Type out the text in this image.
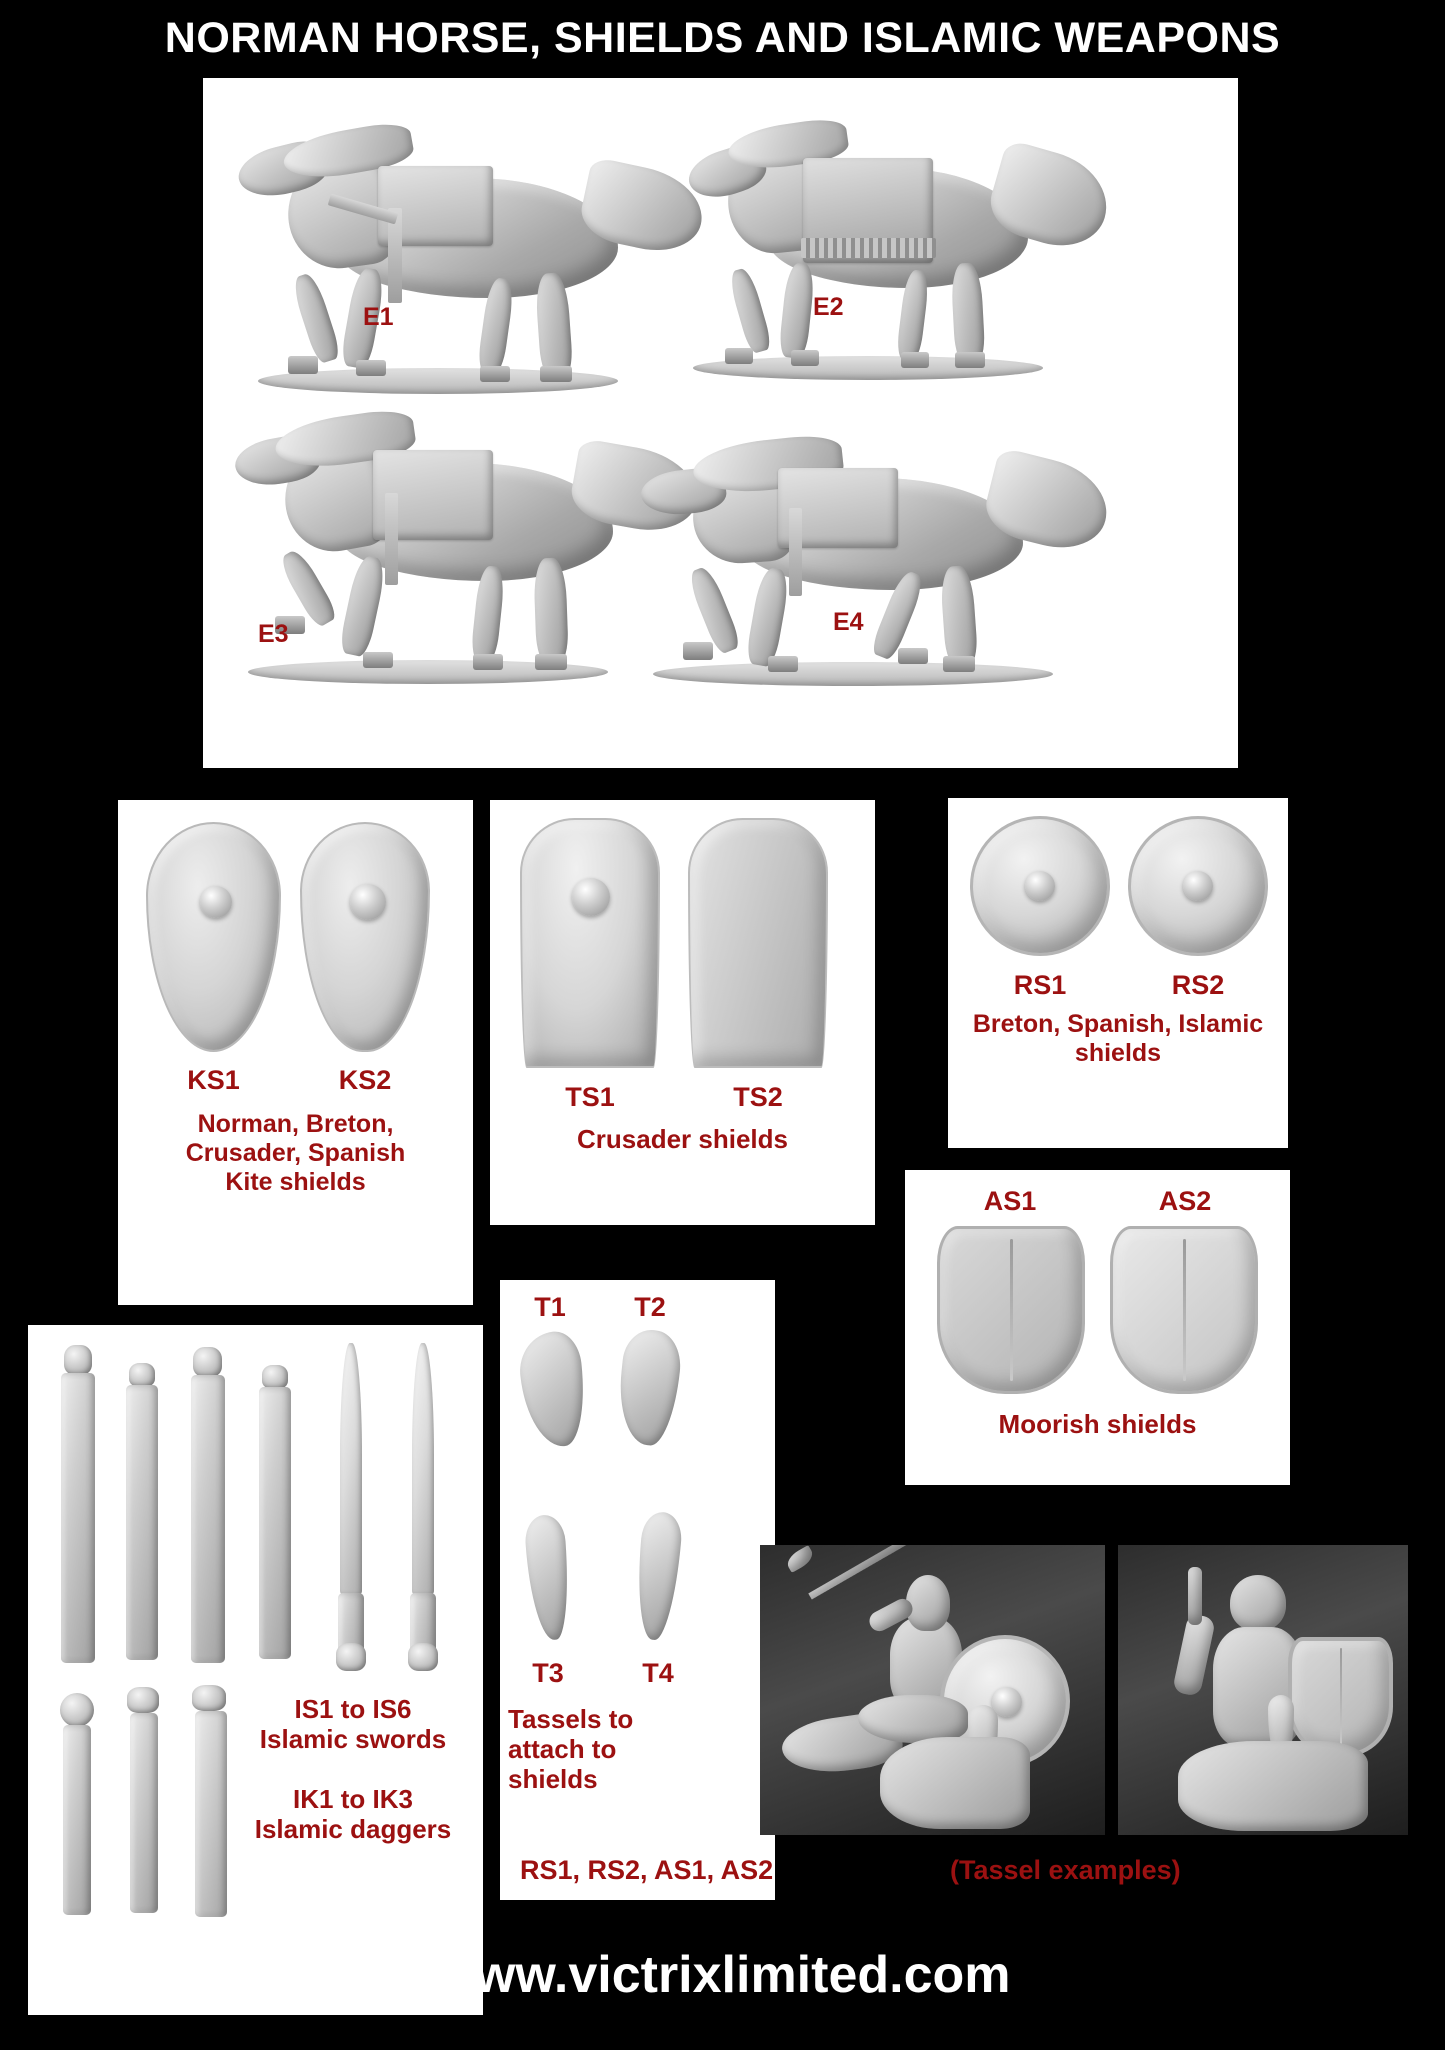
NORMAN HORSE, SHIELDS AND ISLAMIC WEAPONS
E1	E2
E3	E4
KS1	KS2
Norman, Breton,
Crusader, Spanish
Kite shields
TS1	TS2
Crusader shields
RS1	RS2
Breton, Spanish, Islamic
shields
AS1	AS2
Moorish shields
IS1 to IS6
Islamic swords
IK1 to IK3
Islamic daggers
T1	T2
T3	T4
Tassels to
attach to
shields
RS1, RS2, AS1, AS2	(Tassel examples)
www.victrixlimited.com
